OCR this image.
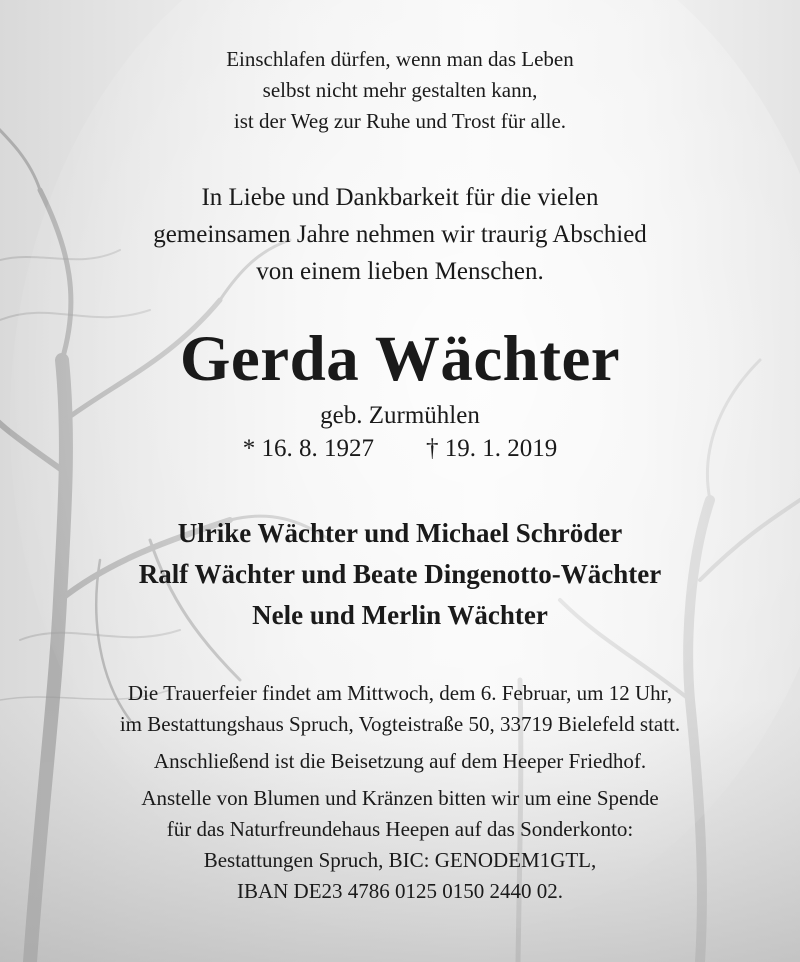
Einschlafen dürfen, wenn man das Leben
selbst nicht mehr gestalten kann,
ist der Weg zur Ruhe und Trost für alle.
In Liebe und Dankbarkeit für die vielen
gemeinsamen Jahre nehmen wir traurig Abschied
von einem lieben Menschen.
Gerda Wächter
geb. Zurmühlen
* 16. 8. 1927 † 19. 1. 2019
Ulrike Wächter und Michael Schröder
Ralf Wächter und Beate Dingenotto-Wächter
Nele und Merlin Wächter
Die Trauerfeier findet am Mittwoch, dem 6. Februar, um 12 Uhr,
im Bestattungshaus Spruch, Vogteistraße 50, 33719 Bielefeld statt.
Anschließend ist die Beisetzung auf dem Heeper Friedhof.
Anstelle von Blumen und Kränzen bitten wir um eine Spende
für das Naturfreundehaus Heepen auf das Sonderkonto:
Bestattungen Spruch, BIC: GENODEM1GTL,
IBAN DE23 4786 0125 0150 2440 02.
